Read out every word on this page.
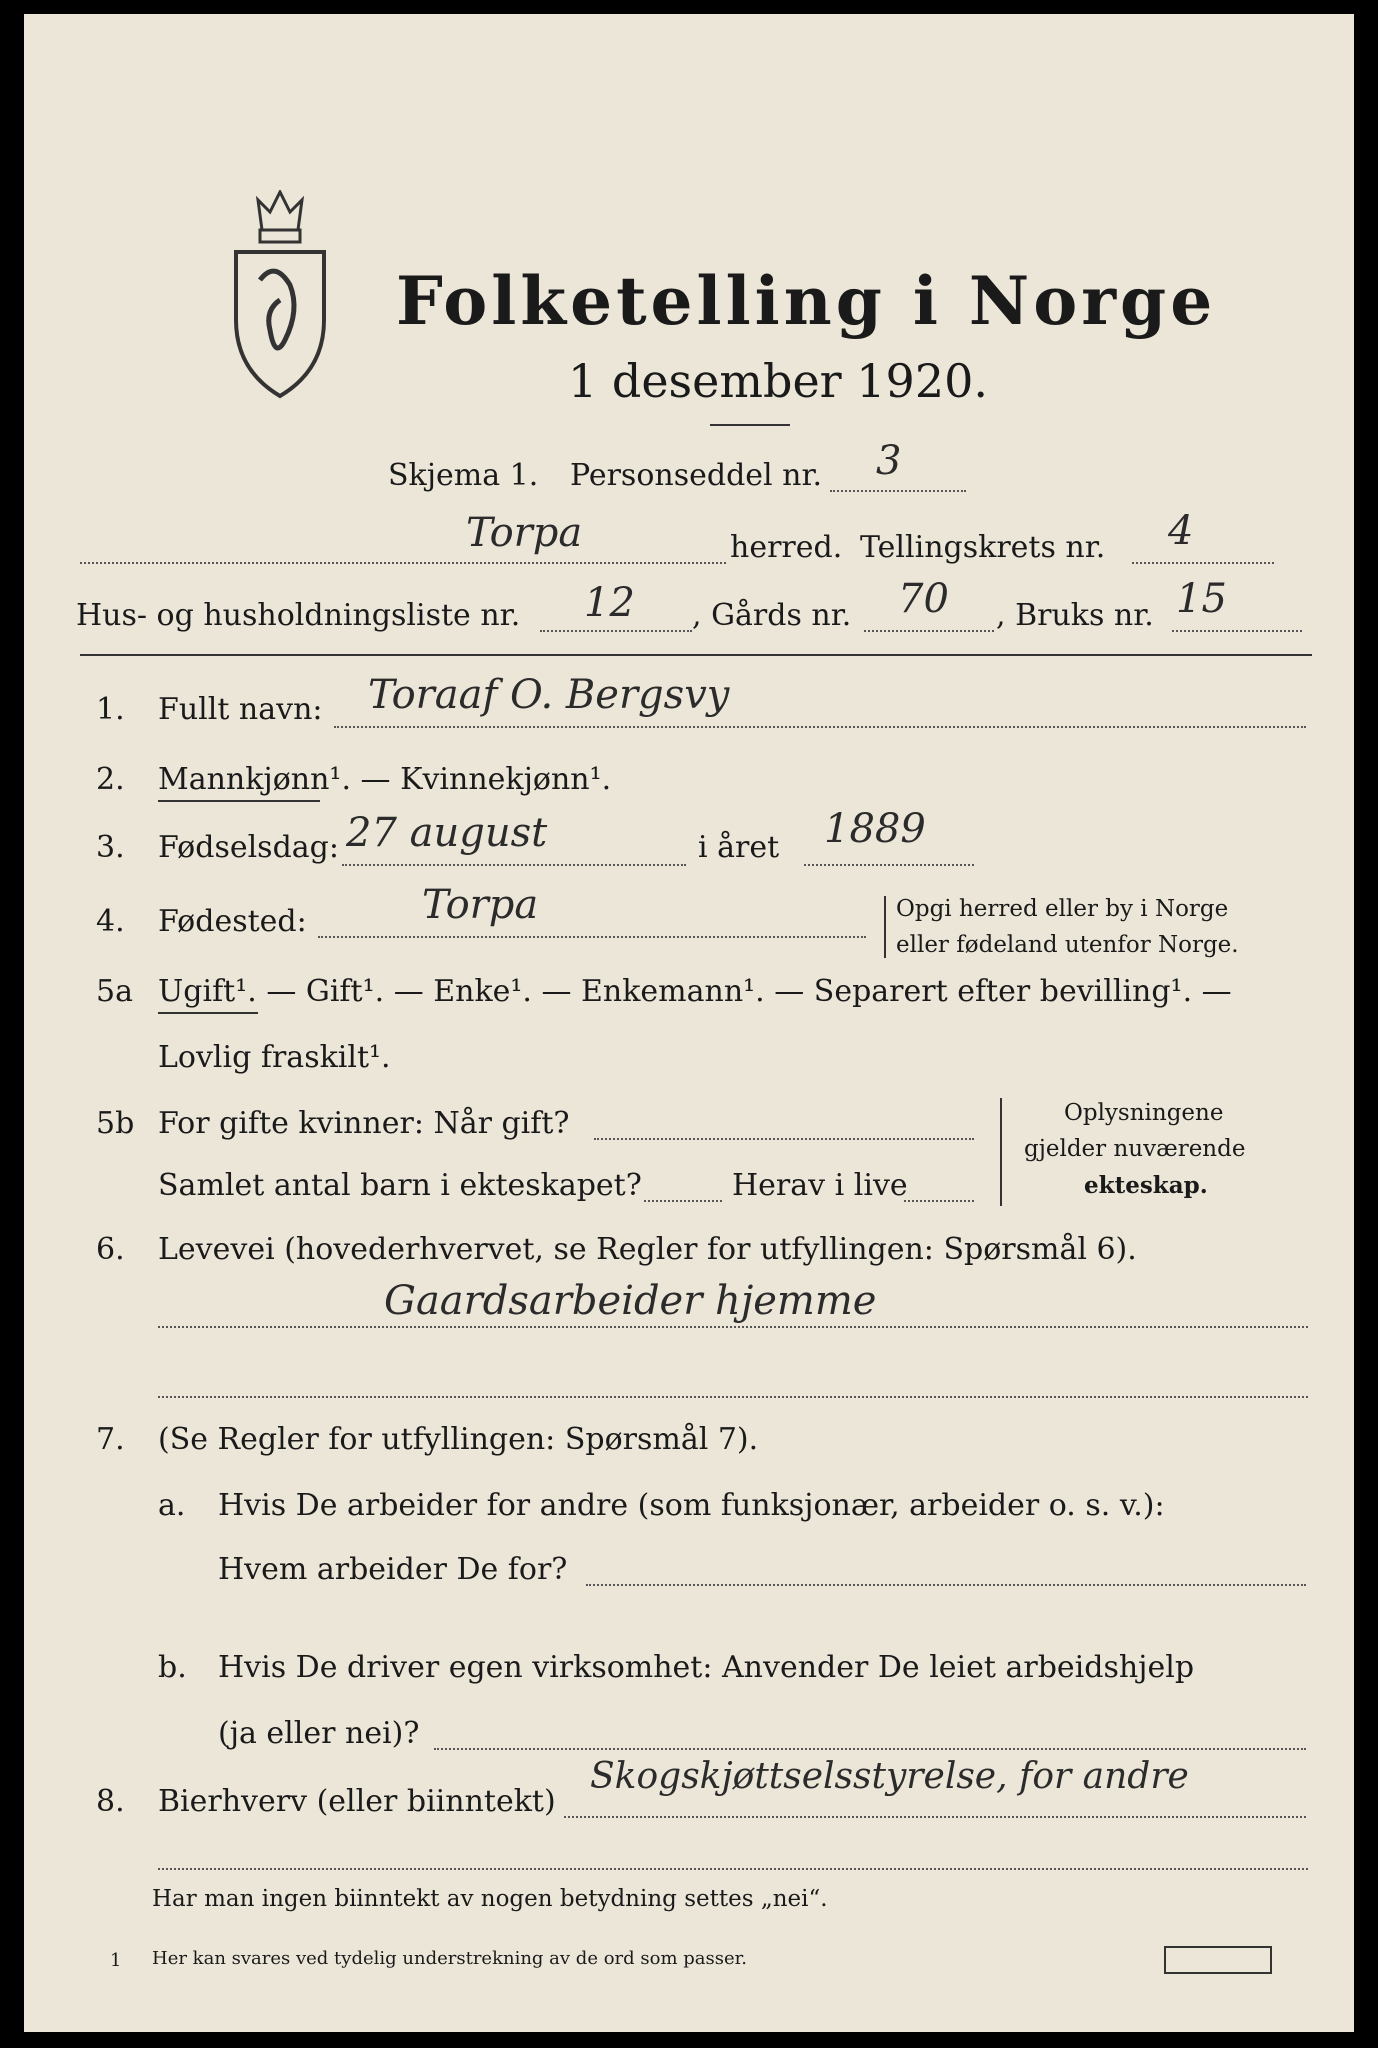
Folketelling i Norge
1 desember 1920.
Skjema 1. Personseddel nr. 3
Torpa	herred. Tellingskrets nr. 4
Hus- og husholdningsliste nr. 12 , Gårds nr. 70 , Bruks nr. 15
1. Fullt navn: Toraaf O. Bergsvy
2. Mannkjønn¹. — Kvinnekjønn¹.
3. Fødselsdag: 27 august	i året 1889
4. Fødested:	Torpa	Opgi herred eller by i Norge
eller fødeland utenfor Norge.
5a Ugift¹. — Gift¹. — Enke¹. — Enkemann¹. — Separert efter bevilling¹. —
Lovlig fraskilt¹.
5b For gifte kvinner: Når gift?
Samlet antal barn i ekteskapet?	Herav i live
Oplysningene
gjelder nuværende
ekteskap.
6. Levevei (hovederhvervet, se Regler for utfyllingen: Spørsmål 6).
Gaardsarbeider hjemme
7. (Se Regler for utfyllingen: Spørsmål 7).
a. Hvis De arbeider for andre (som funksjonær, arbeider o. s. v.):
Hvem arbeider De for?
b. Hvis De driver egen virksomhet: Anvender De leiet arbeidshjelp
(ja eller nei)?
8. Bierhverv (eller biinntekt)
Skogskjøttselsstyrelse, for andre
Har man ingen biinntekt av nogen betydning settes „nei“.
1 Her kan svares ved tydelig understrekning av de ord som passer.
